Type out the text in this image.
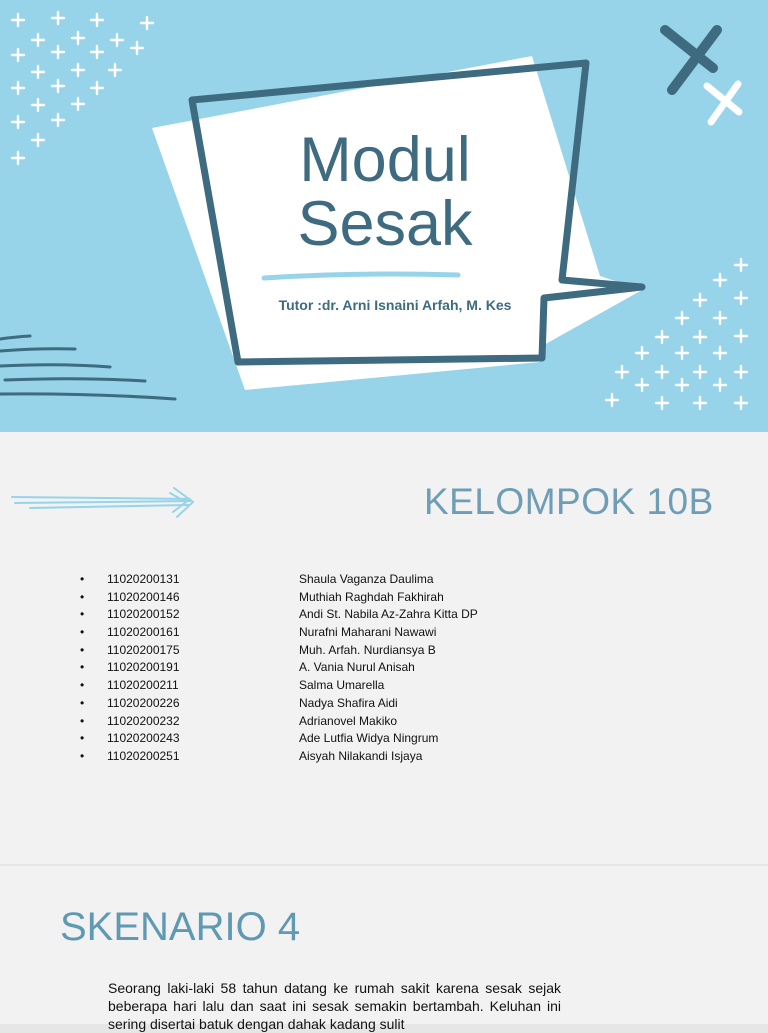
Modul
Sesak
Tutor :dr. Arni Isnaini Arfah, M. Kes
KELOMPOK 10B
• 11020200131	Shaula Vaganza Daulima
• 11020200146	Muthiah Raghdah Fakhirah
• 11020200152	Andi St. Nabila Az-Zahra Kitta DP
• 11020200161	Nurafni Maharani Nawawi
• 11020200175	Muh. Arfah. Nurdiansya B
• 11020200191	A. Vania Nurul Anisah
• 11020200211	Salma Umarella
• 11020200226	Nadya Shafira Aidi
• 11020200232	Adrianovel Makiko
• 11020200243	Ade Lutfia Widya Ningrum
• 11020200251	Aisyah Nilakandi Isjaya
SKENARIO 4
Seorang laki-laki 58 tahun datang ke rumah sakit karena sesak sejak beberapa hari lalu dan saat ini sesak semakin bertambah. Keluhan ini sering disertai batuk dengan dahak kadang sulit
